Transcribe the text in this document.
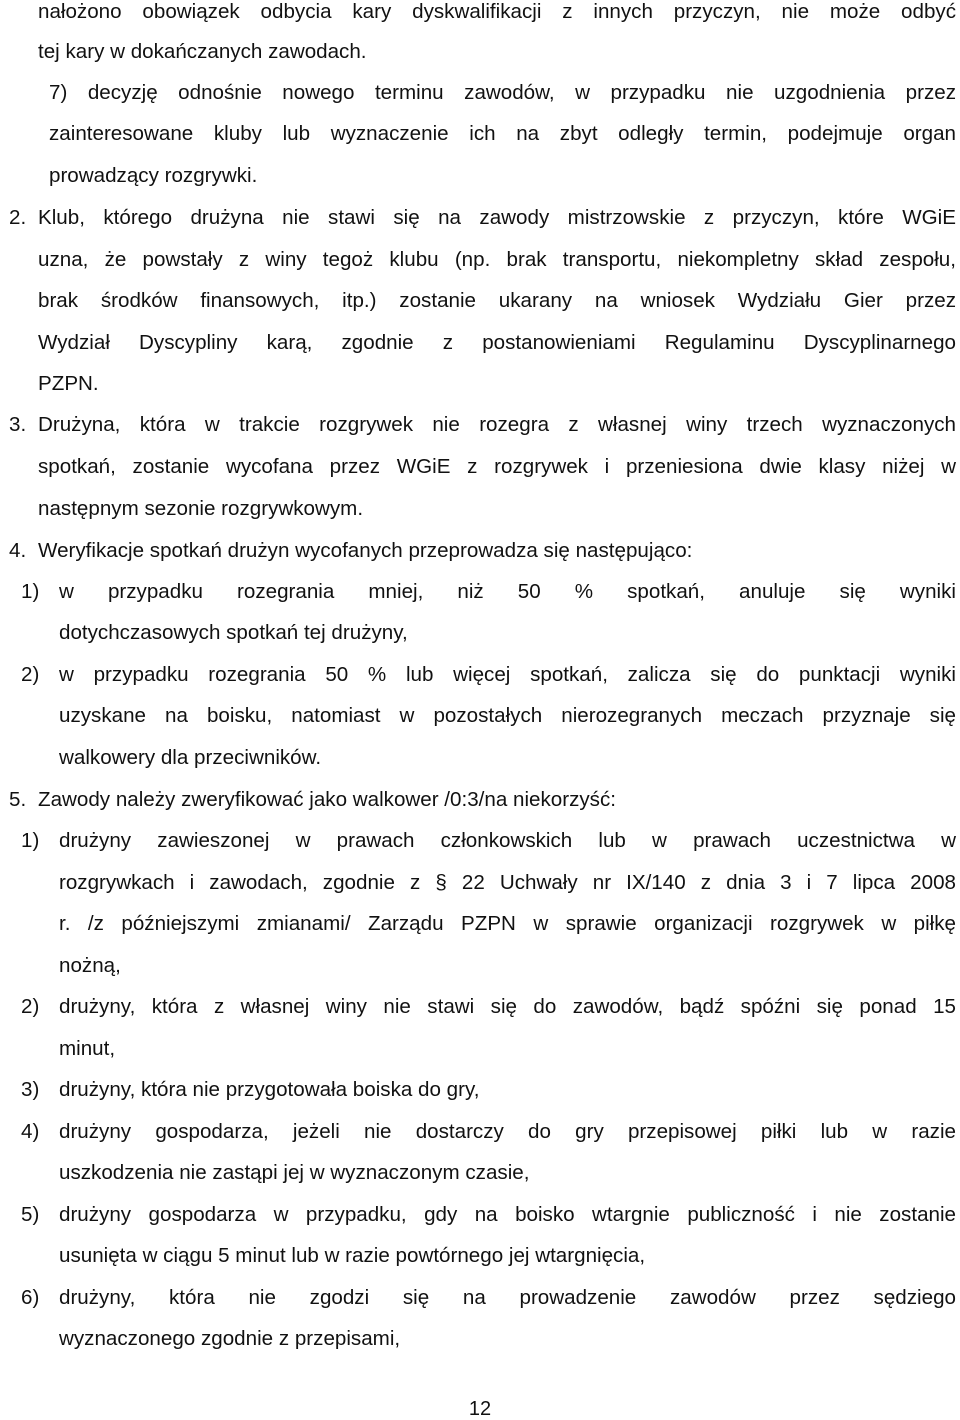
nałożono obowiązek odbycia kary dyskwalifikacji z innych przyczyn, nie może odbyć
tej kary w dokańczanych zawodach.
7) decyzję odnośnie nowego terminu zawodów, w przypadku nie uzgodnienia przez
zainteresowane kluby lub wyznaczenie ich na zbyt odległy termin, podejmuje organ
prowadzący rozgrywki.
2. Klub, którego drużyna nie stawi się na zawody mistrzowskie z przyczyn, które WGiE
uzna, że powstały z winy tegoż klubu (np. brak transportu, niekompletny skład zespołu,
brak środków finansowych, itp.) zostanie ukarany na wniosek Wydziału Gier przez
Wydział Dyscypliny karą, zgodnie z postanowieniami Regulaminu Dyscyplinarnego
PZPN.
3. Drużyna, która w trakcie rozgrywek nie rozegra z własnej winy trzech wyznaczonych
spotkań, zostanie wycofana przez WGiE z rozgrywek i przeniesiona dwie klasy niżej w
następnym sezonie rozgrywkowym.
4. Weryfikacje spotkań drużyn wycofanych przeprowadza się następująco:
1) w przypadku rozegrania mniej, niż 50 % spotkań, anuluje się wyniki
dotychczasowych spotkań tej drużyny,
2) w przypadku rozegrania 50 % lub więcej spotkań, zalicza się do punktacji wyniki
uzyskane na boisku, natomiast w pozostałych nierozegranych meczach przyznaje się
walkowery dla przeciwników.
5. Zawody należy zweryfikować jako walkower /0:3/na niekorzyść:
1) drużyny zawieszonej w prawach członkowskich lub w prawach uczestnictwa w
rozgrywkach i zawodach, zgodnie z § 22 Uchwały nr IX/140 z dnia 3 i 7 lipca 2008
r. /z późniejszymi zmianami/ Zarządu PZPN w sprawie organizacji rozgrywek w piłkę
nożną,
2) drużyny, która z własnej winy nie stawi się do zawodów, bądź spóźni się ponad 15
minut,
3) drużyny, która nie przygotowała boiska do gry,
4) drużyny gospodarza, jeżeli nie dostarczy do gry przepisowej piłki lub w razie
uszkodzenia nie zastąpi jej w wyznaczonym czasie,
5) drużyny gospodarza w przypadku, gdy na boisko wtargnie publiczność i nie zostanie
usunięta w ciągu 5 minut lub w razie powtórnego jej wtargnięcia,
6) drużyny, która nie zgodzi się na prowadzenie zawodów przez sędziego
wyznaczonego zgodnie z przepisami,
12
